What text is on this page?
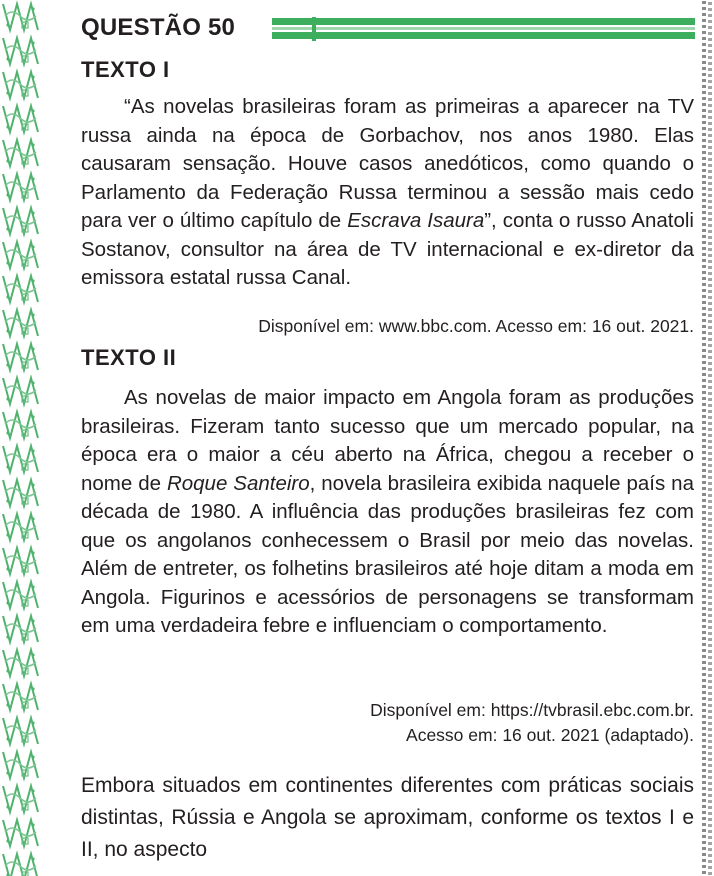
QUESTÃO 50
TEXTO I

“As novelas brasileiras foram as primeiras a aparecer na TV russa ainda na época de Gorbachov, nos anos 1980. Elas causaram sensação. Houve casos anedóticos, como quando o Parlamento da Federação Russa terminou a sessão mais cedo para ver o último capítulo de Escrava Isaura”, conta o russo Anatoli Sostanov, consultor na área de TV internacional e ex-diretor da emissora estatal russa Canal.

Disponível em: www.bbc.com. Acesso em: 16 out. 2021.
TEXTO II

As novelas de maior impacto em Angola foram as produções brasileiras. Fizeram tanto sucesso que um mercado popular, na época era o maior a céu aberto na África, chegou a receber o nome de Roque Santeiro, novela brasileira exibida naquele país na década de 1980. A influência das produções brasileiras fez com que os angolanos conhecessem o Brasil por meio das novelas. Além de entreter, os folhetins brasileiros até hoje ditam a moda em Angola. Figurinos e acessórios de personagens se transformam em uma verdadeira febre e influenciam o comportamento.

Disponível em: https://tvbrasil.ebc.com.br.
Acesso em: 16 out. 2021 (adaptado).

Embora situados em continentes diferentes com práticas sociais distintas, Rússia e Angola se aproximam, conforme os textos I e II, no aspecto
